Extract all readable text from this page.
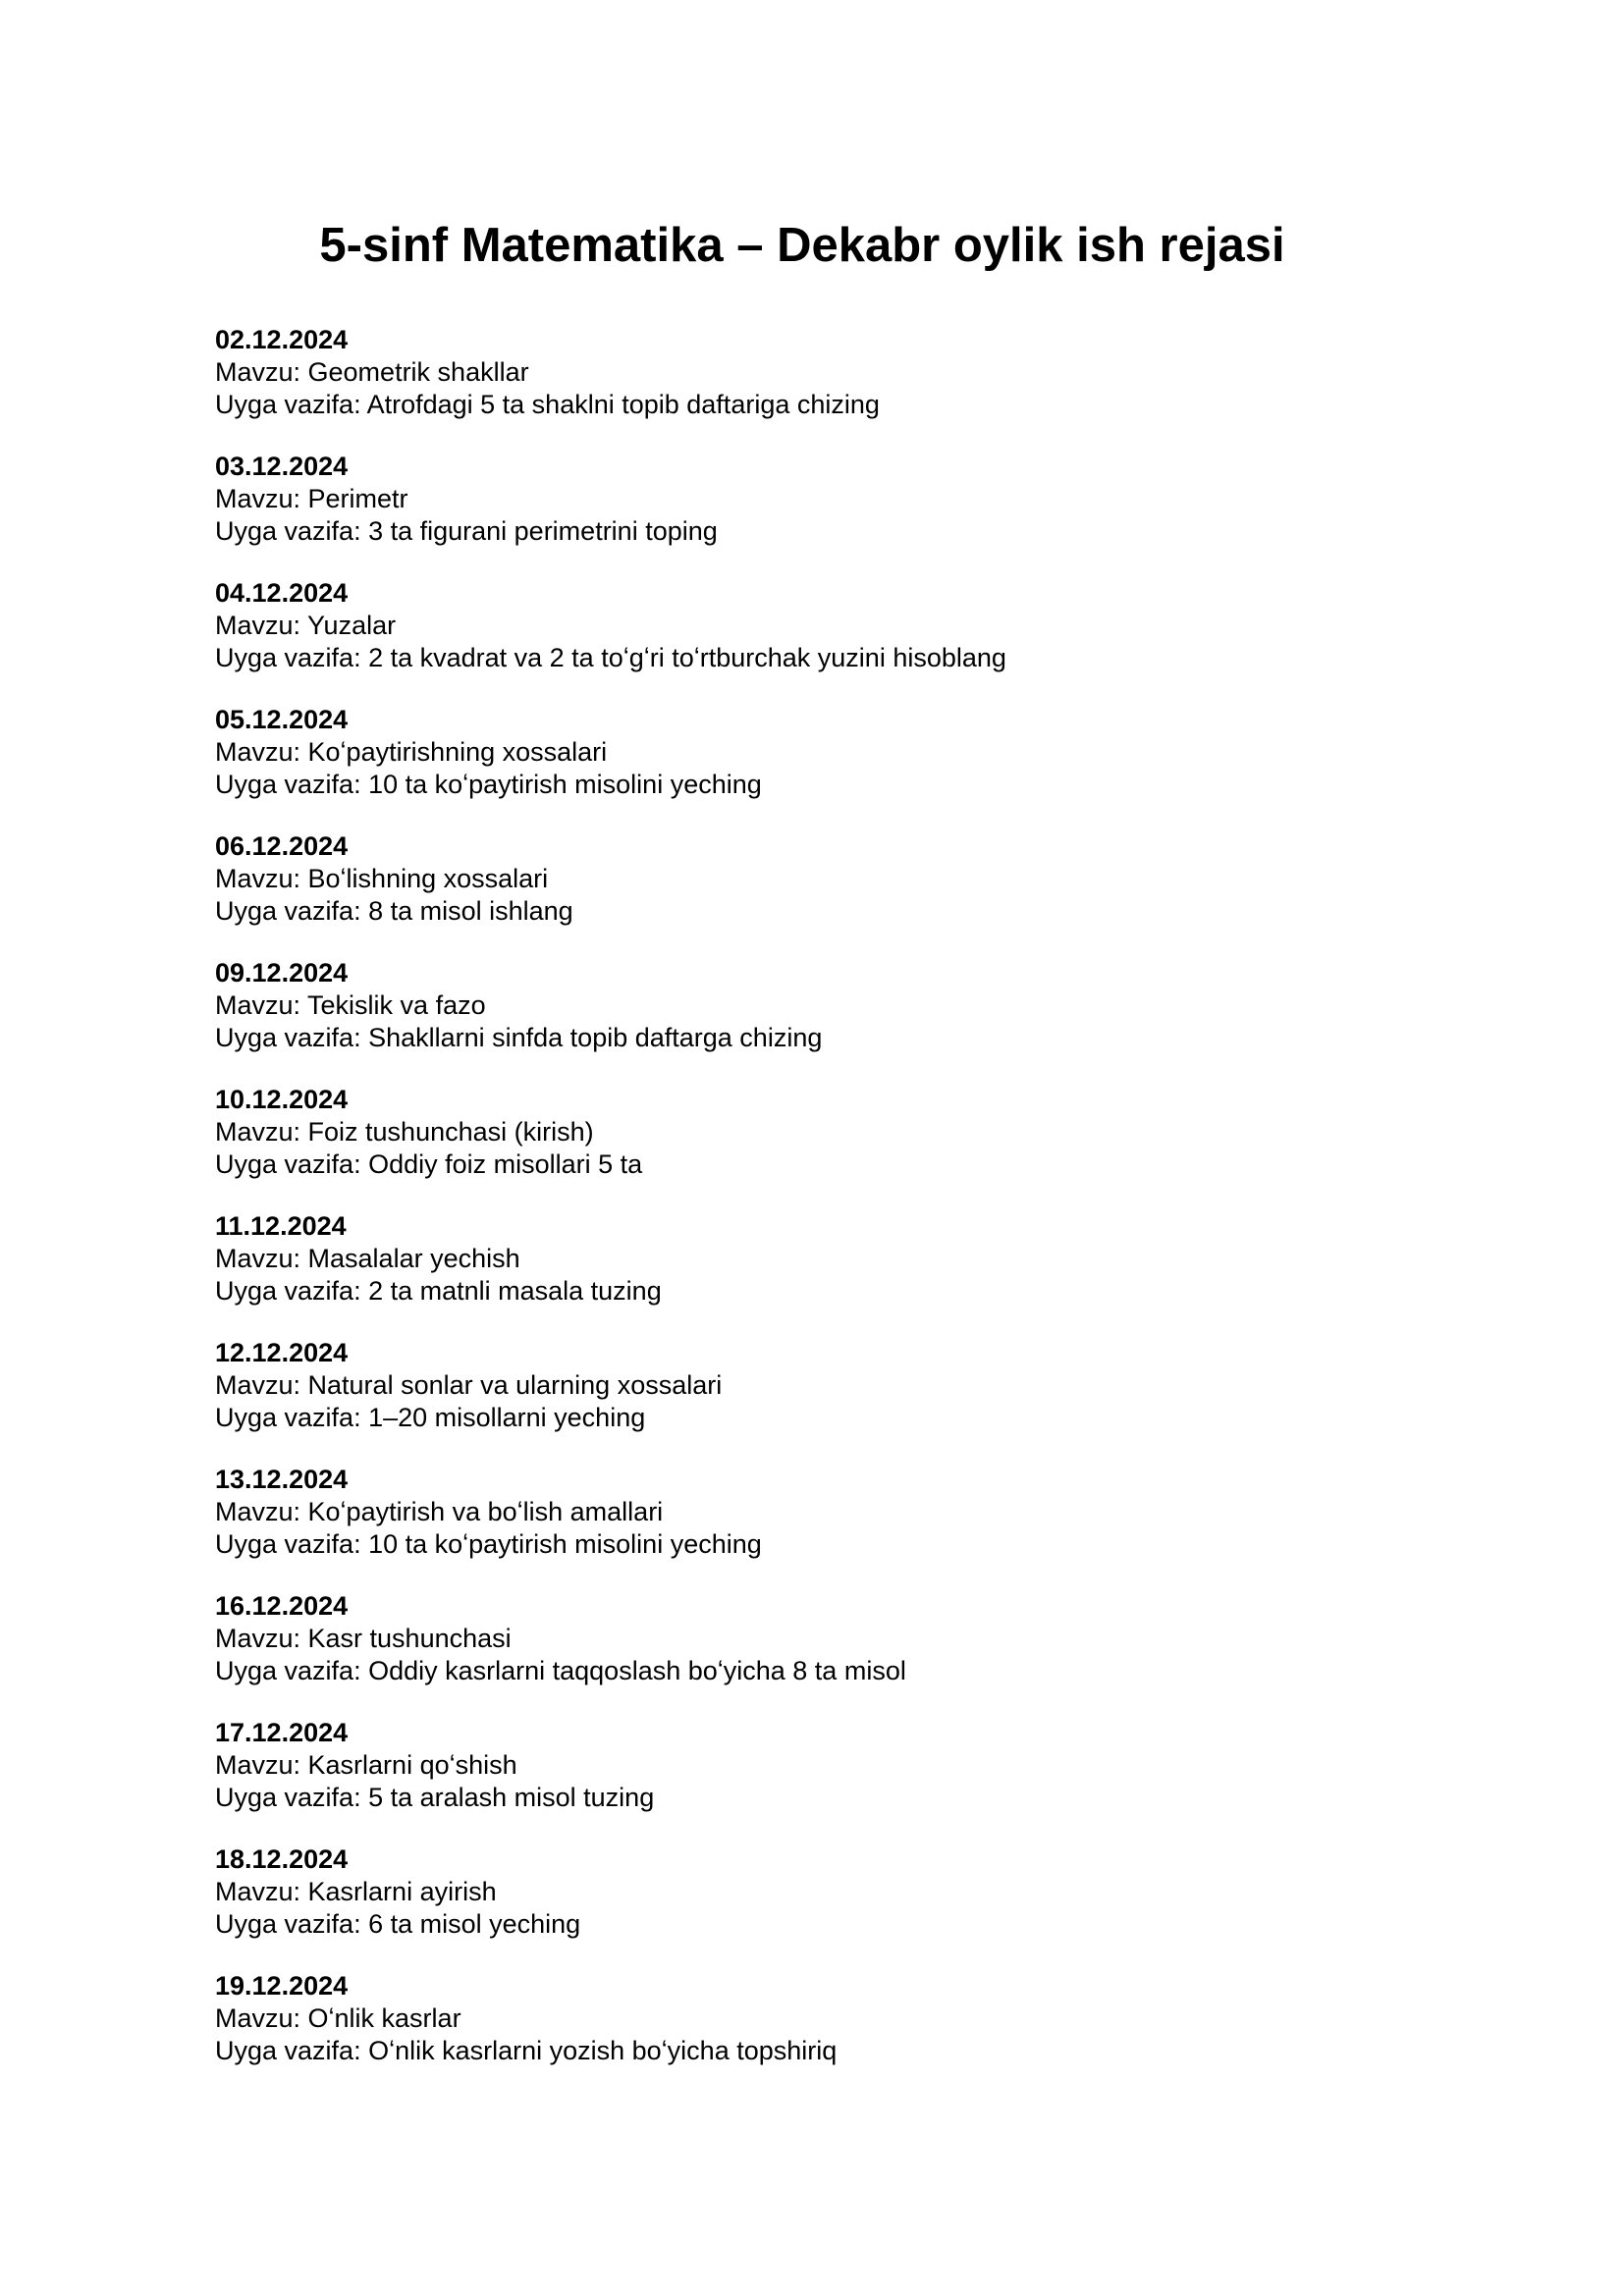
5-sinf Matematika – Dekabr oylik ish rejasi
02.12.2024
Mavzu: Geometrik shakllar
Uyga vazifa: Atrofdagi 5 ta shaklni topib daftariga chizing
03.12.2024
Mavzu: Perimetr
Uyga vazifa: 3 ta figurani perimetrini toping
04.12.2024
Mavzu: Yuzalar
Uyga vazifa: 2 ta kvadrat va 2 ta toʻgʻri toʻrtburchak yuzini hisoblang
05.12.2024
Mavzu: Koʻpaytirishning xossalari
Uyga vazifa: 10 ta koʻpaytirish misolini yeching
06.12.2024
Mavzu: Boʻlishning xossalari
Uyga vazifa: 8 ta misol ishlang
09.12.2024
Mavzu: Tekislik va fazo
Uyga vazifa: Shakllarni sinfda topib daftarga chizing
10.12.2024
Mavzu: Foiz tushunchasi (kirish)
Uyga vazifa: Oddiy foiz misollari 5 ta
11.12.2024
Mavzu: Masalalar yechish
Uyga vazifa: 2 ta matnli masala tuzing
12.12.2024
Mavzu: Natural sonlar va ularning xossalari
Uyga vazifa: 1–20 misollarni yeching
13.12.2024
Mavzu: Koʻpaytirish va boʻlish amallari
Uyga vazifa: 10 ta koʻpaytirish misolini yeching
16.12.2024
Mavzu: Kasr tushunchasi
Uyga vazifa: Oddiy kasrlarni taqqoslash boʻyicha 8 ta misol
17.12.2024
Mavzu: Kasrlarni qoʻshish
Uyga vazifa: 5 ta aralash misol tuzing
18.12.2024
Mavzu: Kasrlarni ayirish
Uyga vazifa: 6 ta misol yeching
19.12.2024
Mavzu: Oʻnlik kasrlar
Uyga vazifa: Oʻnlik kasrlarni yozish boʻyicha topshiriq
